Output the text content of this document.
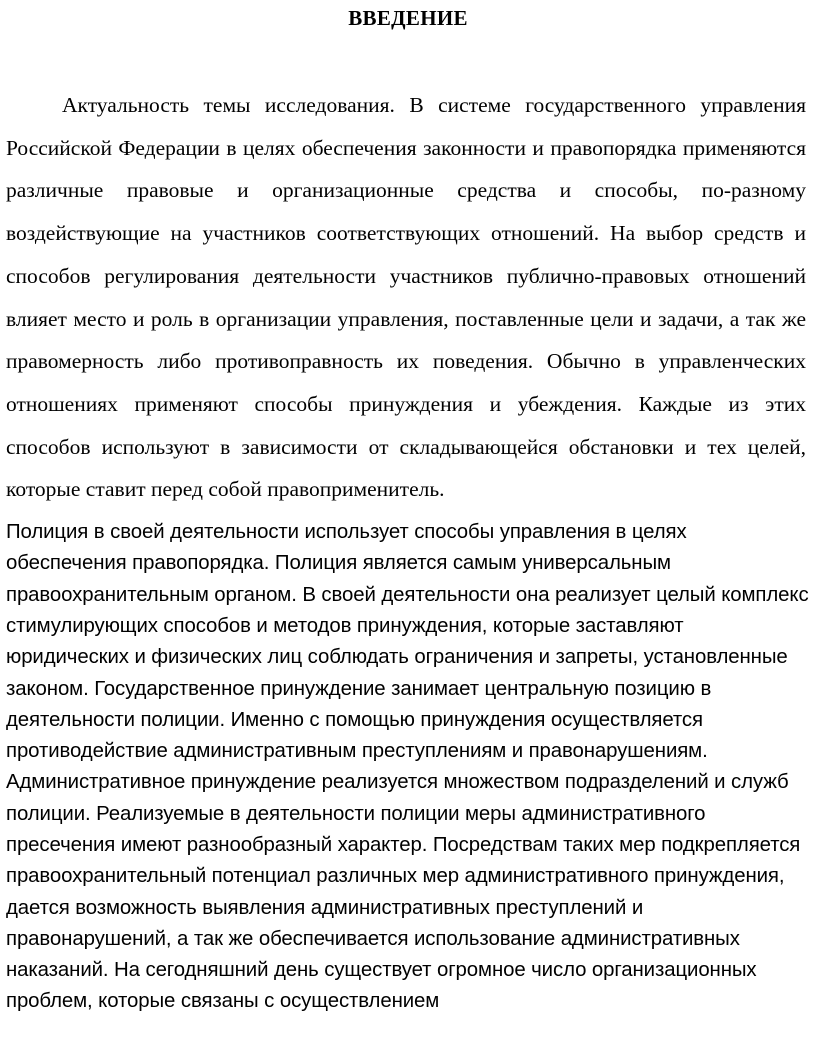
ВВЕДЕНИЕ

Актуальность темы исследования. В системе государственного управления Российской Федерации в целях обеспечения законности и правопорядка применяются различные правовые и организационные средства и способы, по-разному воздействующие на участников соответствующих отношений. На выбор средств и способов регулирования деятельности участников публично-правовых отношений влияет место и роль в организации управления, поставленные цели и задачи, а так же правомерность либо противоправность их поведения. Обычно в управленческих отношениях применяют способы принуждения и убеждения. Каждые из этих способов используют в зависимости от складывающейся обстановки и тех целей, которые ставит перед собой правоприменитель.

Полиция в своей деятельности использует способы управления в целях обеспечения правопорядка. Полиция является самым универсальным правоохранительным органом. В своей деятельности она реализует целый комплекс стимулирующих способов и методов принуждения, которые заставляют юридических и физических лиц соблюдать ограничения и запреты, установленные законом. Государственное принуждение занимает центральную позицию в деятельности полиции. Именно с помощью принуждения осуществляется противодействие административным преступлениям и правонарушениям. Административное принуждение реализуется множеством подразделений и служб полиции. Реализуемые в деятельности полиции меры административного пресечения имеют разнообразный характер. Посредствам таких мер подкрепляется правоохранительный потенциал различных мер административного принуждения, дается возможность выявления административных преступлений и правонарушений, а так же обеспечивается использование административных наказаний. На сегодняшний день существует огромное число организационных проблем, которые связаны с осуществлением
